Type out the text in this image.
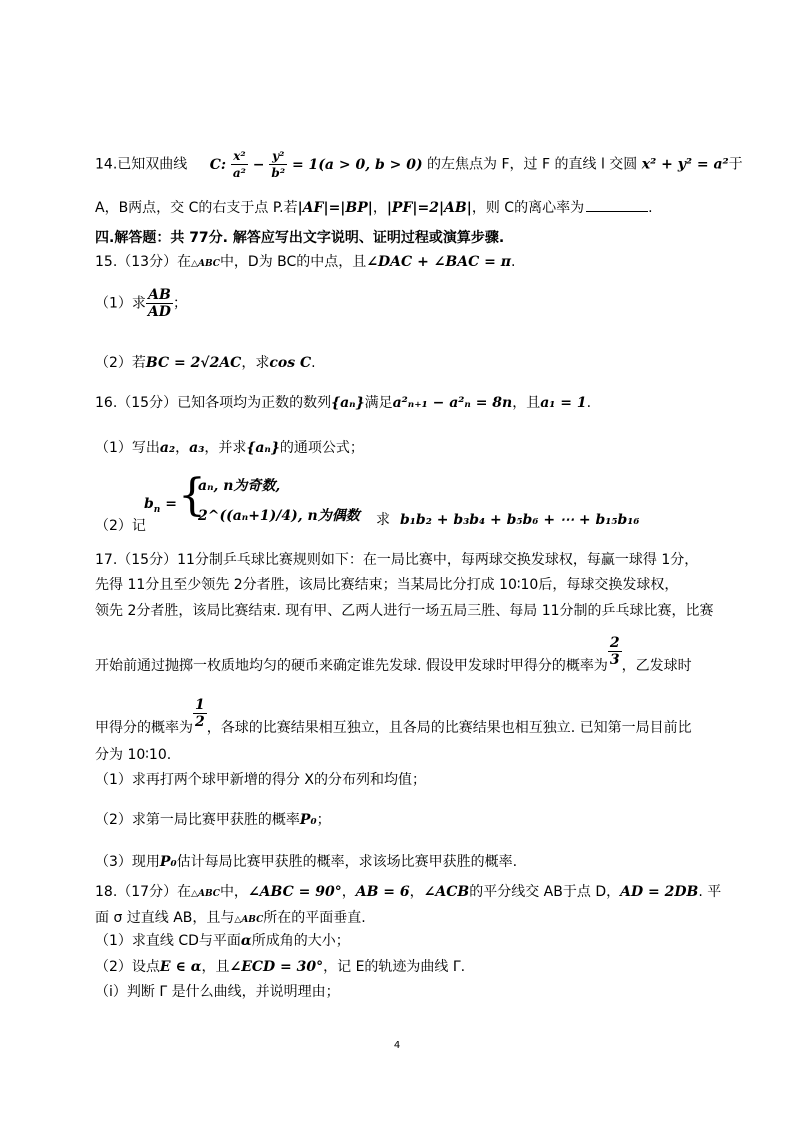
14.已知双曲线 C: $\frac{\text{x²}}{\text{a²}} - \frac{\text{y²}}{\text{b²}} = 1(a > 0$, b > 0) 的左焦点为 F，过 F 的直线 l 交圆 x² + y² = a²于
A，B两点，交 C的右支于点 P.若|AF|=|BP|，|PF|=2|AB|，则 C的离心率为	.
四.解答题：共 77分. 解答应写出文字说明、证明过程或演算步骤.
15.（13分）在△ABC中，D为 BC的中点，且∠DAC + ∠BAC = π.
（1）求 $\frac{AB}{AD}$ ；
（2）若BC = 2√2AC，求cos C.
16.（15分）已知各项均为正数的数列{aₙ}满足a²ₙ₊₁ − a²ₙ = 8n，且a₁ = 1.
（1）写出a₂，a₃，并求{aₙ}的通项公式；
$b_n$ = {
aₙ, n为奇数,
2^((aₙ+1)/4), n为偶数 求 b₁b₂ + b₃b₄ + b₅b₆ + ⋯ + b₁₅b₁₆
（2）记
17.（15分）11分制乒乓球比赛规则如下：在一局比赛中，每两球交换发球权，每赢一球得 1分，
先得 11分且至少领先 2分者胜，该局比赛结束；当某局比分打成 10∶10后，每球交换发球权，
领先 2分者胜，该局比赛结束. 现有甲、乙两人进行一场五局三胜、每局 11分制的乒乓球比赛，比赛
开始前通过抛掷一枚质地均匀的硬币来确定谁先发球. 假设甲发球时甲得分的概率为 $\frac{2}{3}$ ，乙发球时
甲得分的概率为 $\frac{1}{2}$ ，各球的比赛结果相互独立，且各局的比赛结果也相互独立. 已知第一局目前比
分为 10∶10.
（1）求再打两个球甲新增的得分 X的分布列和均值；
（2）求第一局比赛甲获胜的概率P₀；
（3）现用P₀估计每局比赛甲获胜的概率，求该场比赛甲获胜的概率.
18.（17分）在△ABC中，∠ABC = 90°，AB = 6，∠ACB的平分线交 AB于点 D，AD = 2DB. 平
面 σ 过直线 AB，且与△ABC所在的平面垂直.
（1）求直线 CD与平面α所成角的大小；
（2）设点E ∈ α，且∠ECD = 30°，记 E的轨迹为曲线 Γ.
（i）判断 Γ 是什么曲线，并说明理由；
4
